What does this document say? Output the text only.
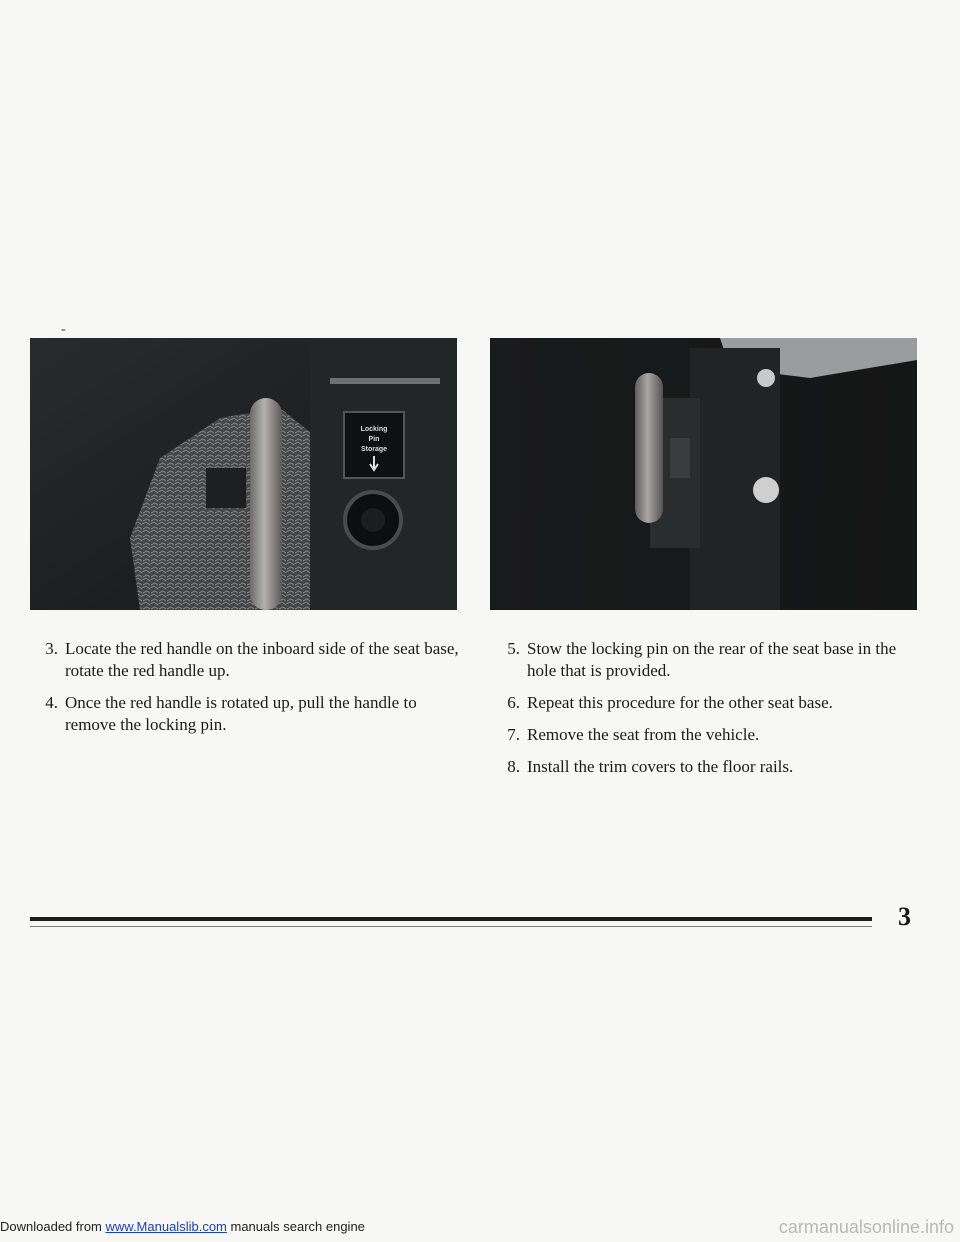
-
Locking
Pin
Storage
3. Locate the red handle on the inboard side of the seat base, rotate the red handle up.
4. Once the red handle is rotated up, pull the handle to remove the locking pin.
5. Stow the locking pin on the rear of the seat base in the hole that is provided.
6. Repeat this procedure for the other seat base.
7. Remove the seat from the vehicle.
8. Install the trim covers to the floor rails.
3
Downloaded from www.Manualslib.com manuals search engine	carmanualsonline.info
